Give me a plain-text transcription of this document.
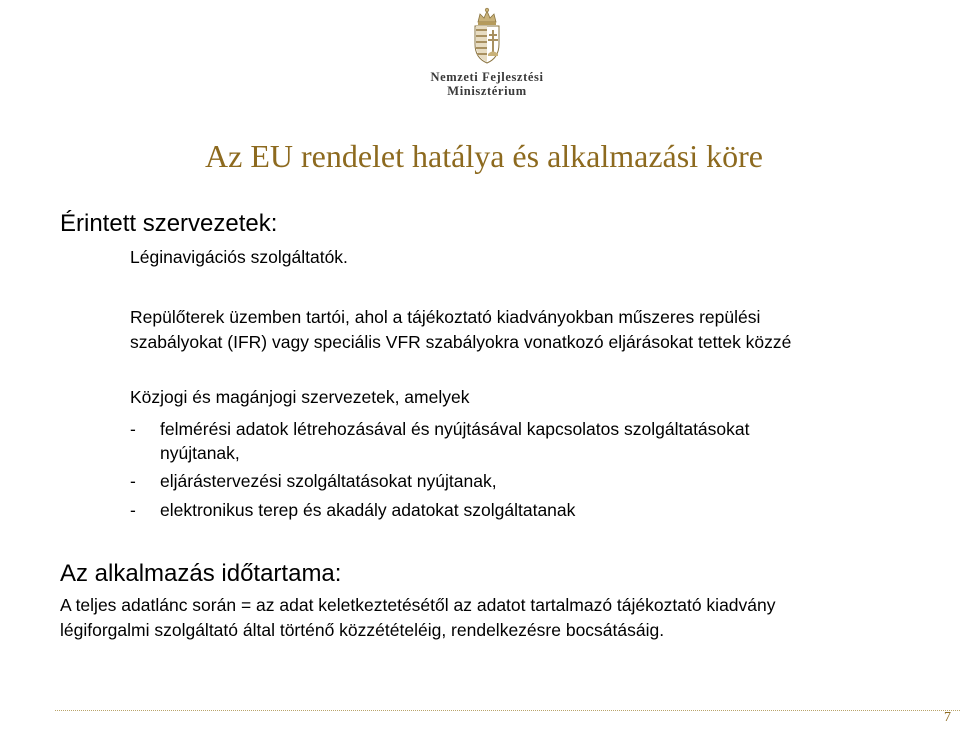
Nemzeti Fejlesztési
Minisztérium
Az EU rendelet hatálya és alkalmazási köre
Érintett szervezetek:
Léginavigációs szolgáltatók.
Repülőterek üzemben tartói, ahol a tájékoztató kiadványokban műszeres repülési
szabályokat (IFR) vagy speciális VFR szabályokra vonatkozó eljárásokat tettek közzé
Közjogi és magánjogi szervezetek, amelyek
- felmérési adatok létrehozásával és nyújtásával kapcsolatos szolgáltatásokat
nyújtanak,
- eljárástervezési szolgáltatásokat nyújtanak,
- elektronikus terep és akadály adatokat szolgáltatanak
Az alkalmazás időtartama:
A teljes adatlánc során = az adat keletkeztetésétől az adatot tartalmazó tájékoztató kiadvány
légiforgalmi szolgáltató által történő közzétételéig, rendelkezésre bocsátásáig.
7
